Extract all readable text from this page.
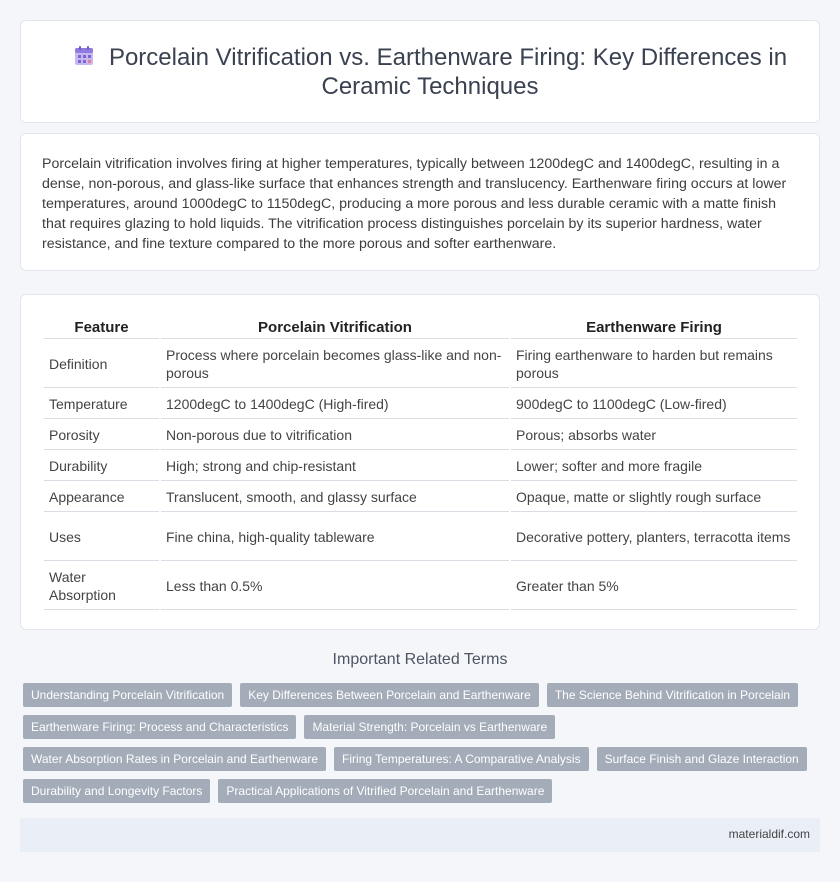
Porcelain Vitrification vs. Earthenware Firing: Key Differences in Ceramic Techniques

Porcelain vitrification involves firing at higher temperatures, typically between 1200degC and 1400degC, resulting in a dense, non-porous, and glass-like surface that enhances strength and translucency. Earthenware firing occurs at lower temperatures, around 1000degC to 1150degC, producing a more porous and less durable ceramic with a matte finish that requires glazing to hold liquids. The vitrification process distinguishes porcelain by its superior hardness, water resistance, and fine texture compared to the more porous and softer earthenware.

Feature	Porcelain Vitrification	Earthenware Firing
Definition	Process where porcelain becomes glass-like and non-porous	Firing earthenware to harden but remains porous
Temperature	1200degC to 1400degC (High-fired)	900degC to 1100degC (Low-fired)
Porosity	Non-porous due to vitrification	Porous; absorbs water
Durability	High; strong and chip-resistant	Lower; softer and more fragile
Appearance	Translucent, smooth, and glassy surface	Opaque, matte or slightly rough surface
Uses	Fine china, high-quality tableware	Decorative pottery, planters, terracotta items
Water Absorption	Less than 0.5%	Greater than 5%
Important Related Terms
Understanding Porcelain Vitrification	Key Differences Between Porcelain and Earthenware	The Science Behind Vitrification in Porcelain
Earthenware Firing: Process and Characteristics	Material Strength: Porcelain vs Earthenware
Water Absorption Rates in Porcelain and Earthenware	Firing Temperatures: A Comparative Analysis	Surface Finish and Glaze Interaction
Durability and Longevity Factors	Practical Applications of Vitrified Porcelain and Earthenware
materialdif.com
